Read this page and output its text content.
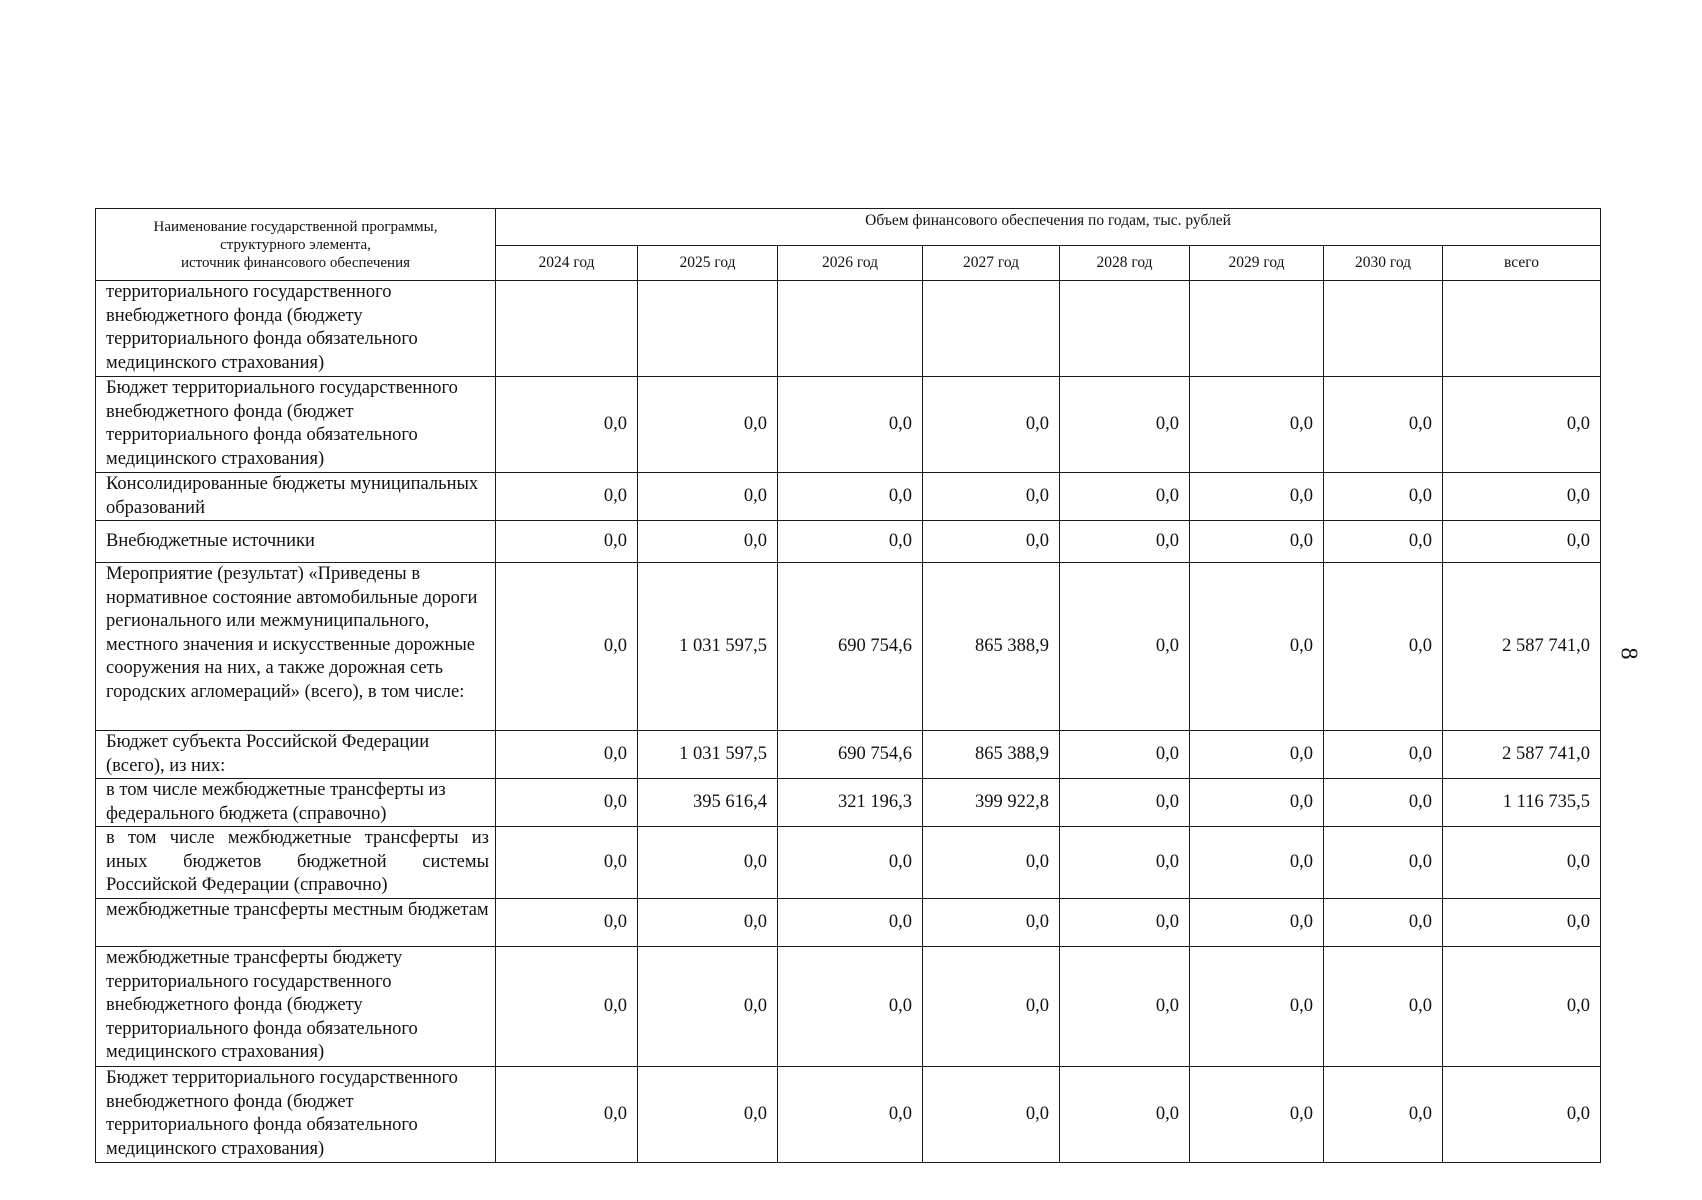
Наименование государственной программы,
структурного элемента,
источник финансового обеспечения	Объем финансового обеспечения по годам, тыс. рублей							
	2024 год	2025 год	2026 год	2027 год	2028 год	2029 год	2030 год	всего
территориального государственного внебюджетного фонда (бюджету территориального фонда обязательного медицинского страхования)								
Бюджет территориального государственного внебюджетного фонда (бюджет территориального фонда обязательного медицинского страхования)	0,0	0,0	0,0	0,0	0,0	0,0	0,0	0,0
Консолидированные бюджеты муниципальных образований	0,0	0,0	0,0	0,0	0,0	0,0	0,0	0,0
Внебюджетные источники	0,0	0,0	0,0	0,0	0,0	0,0	0,0	0,0
Мероприятие (результат) «Приведены в нормативное состояние автомобильные дороги регионального или межмуниципального, местного значения и искусственные дорожные сооружения на них, а также дорожная сеть городских агломераций» (всего), в том числе:	0,0	1 031 597,5	690 754,6	865 388,9	0,0	0,0	0,0	2 587 741,0
Бюджет субъекта Российской Федерации (всего), из них:	0,0	1 031 597,5	690 754,6	865 388,9	0,0	0,0	0,0	2 587 741,0
в том числе межбюджетные трансферты из федерального бюджета (справочно)	0,0	395 616,4	321 196,3	399 922,8	0,0	0,0	0,0	1 116 735,5
в том числе межбюджетные трансферты из иных бюджетов бюджетной системы Российской Федерации (справочно)	0,0	0,0	0,0	0,0	0,0	0,0	0,0	0,0
межбюджетные трансферты местным бюджетам	0,0	0,0	0,0	0,0	0,0	0,0	0,0	0,0
межбюджетные трансферты бюджету территориального государственного внебюджетного фонда (бюджету территориального фонда обязательного медицинского страхования)	0,0	0,0	0,0	0,0	0,0	0,0	0,0	0,0
Бюджет территориального государственного внебюджетного фонда (бюджет территориального фонда обязательного медицинского страхования)	0,0	0,0	0,0	0,0	0,0	0,0	0,0	0,0
8
